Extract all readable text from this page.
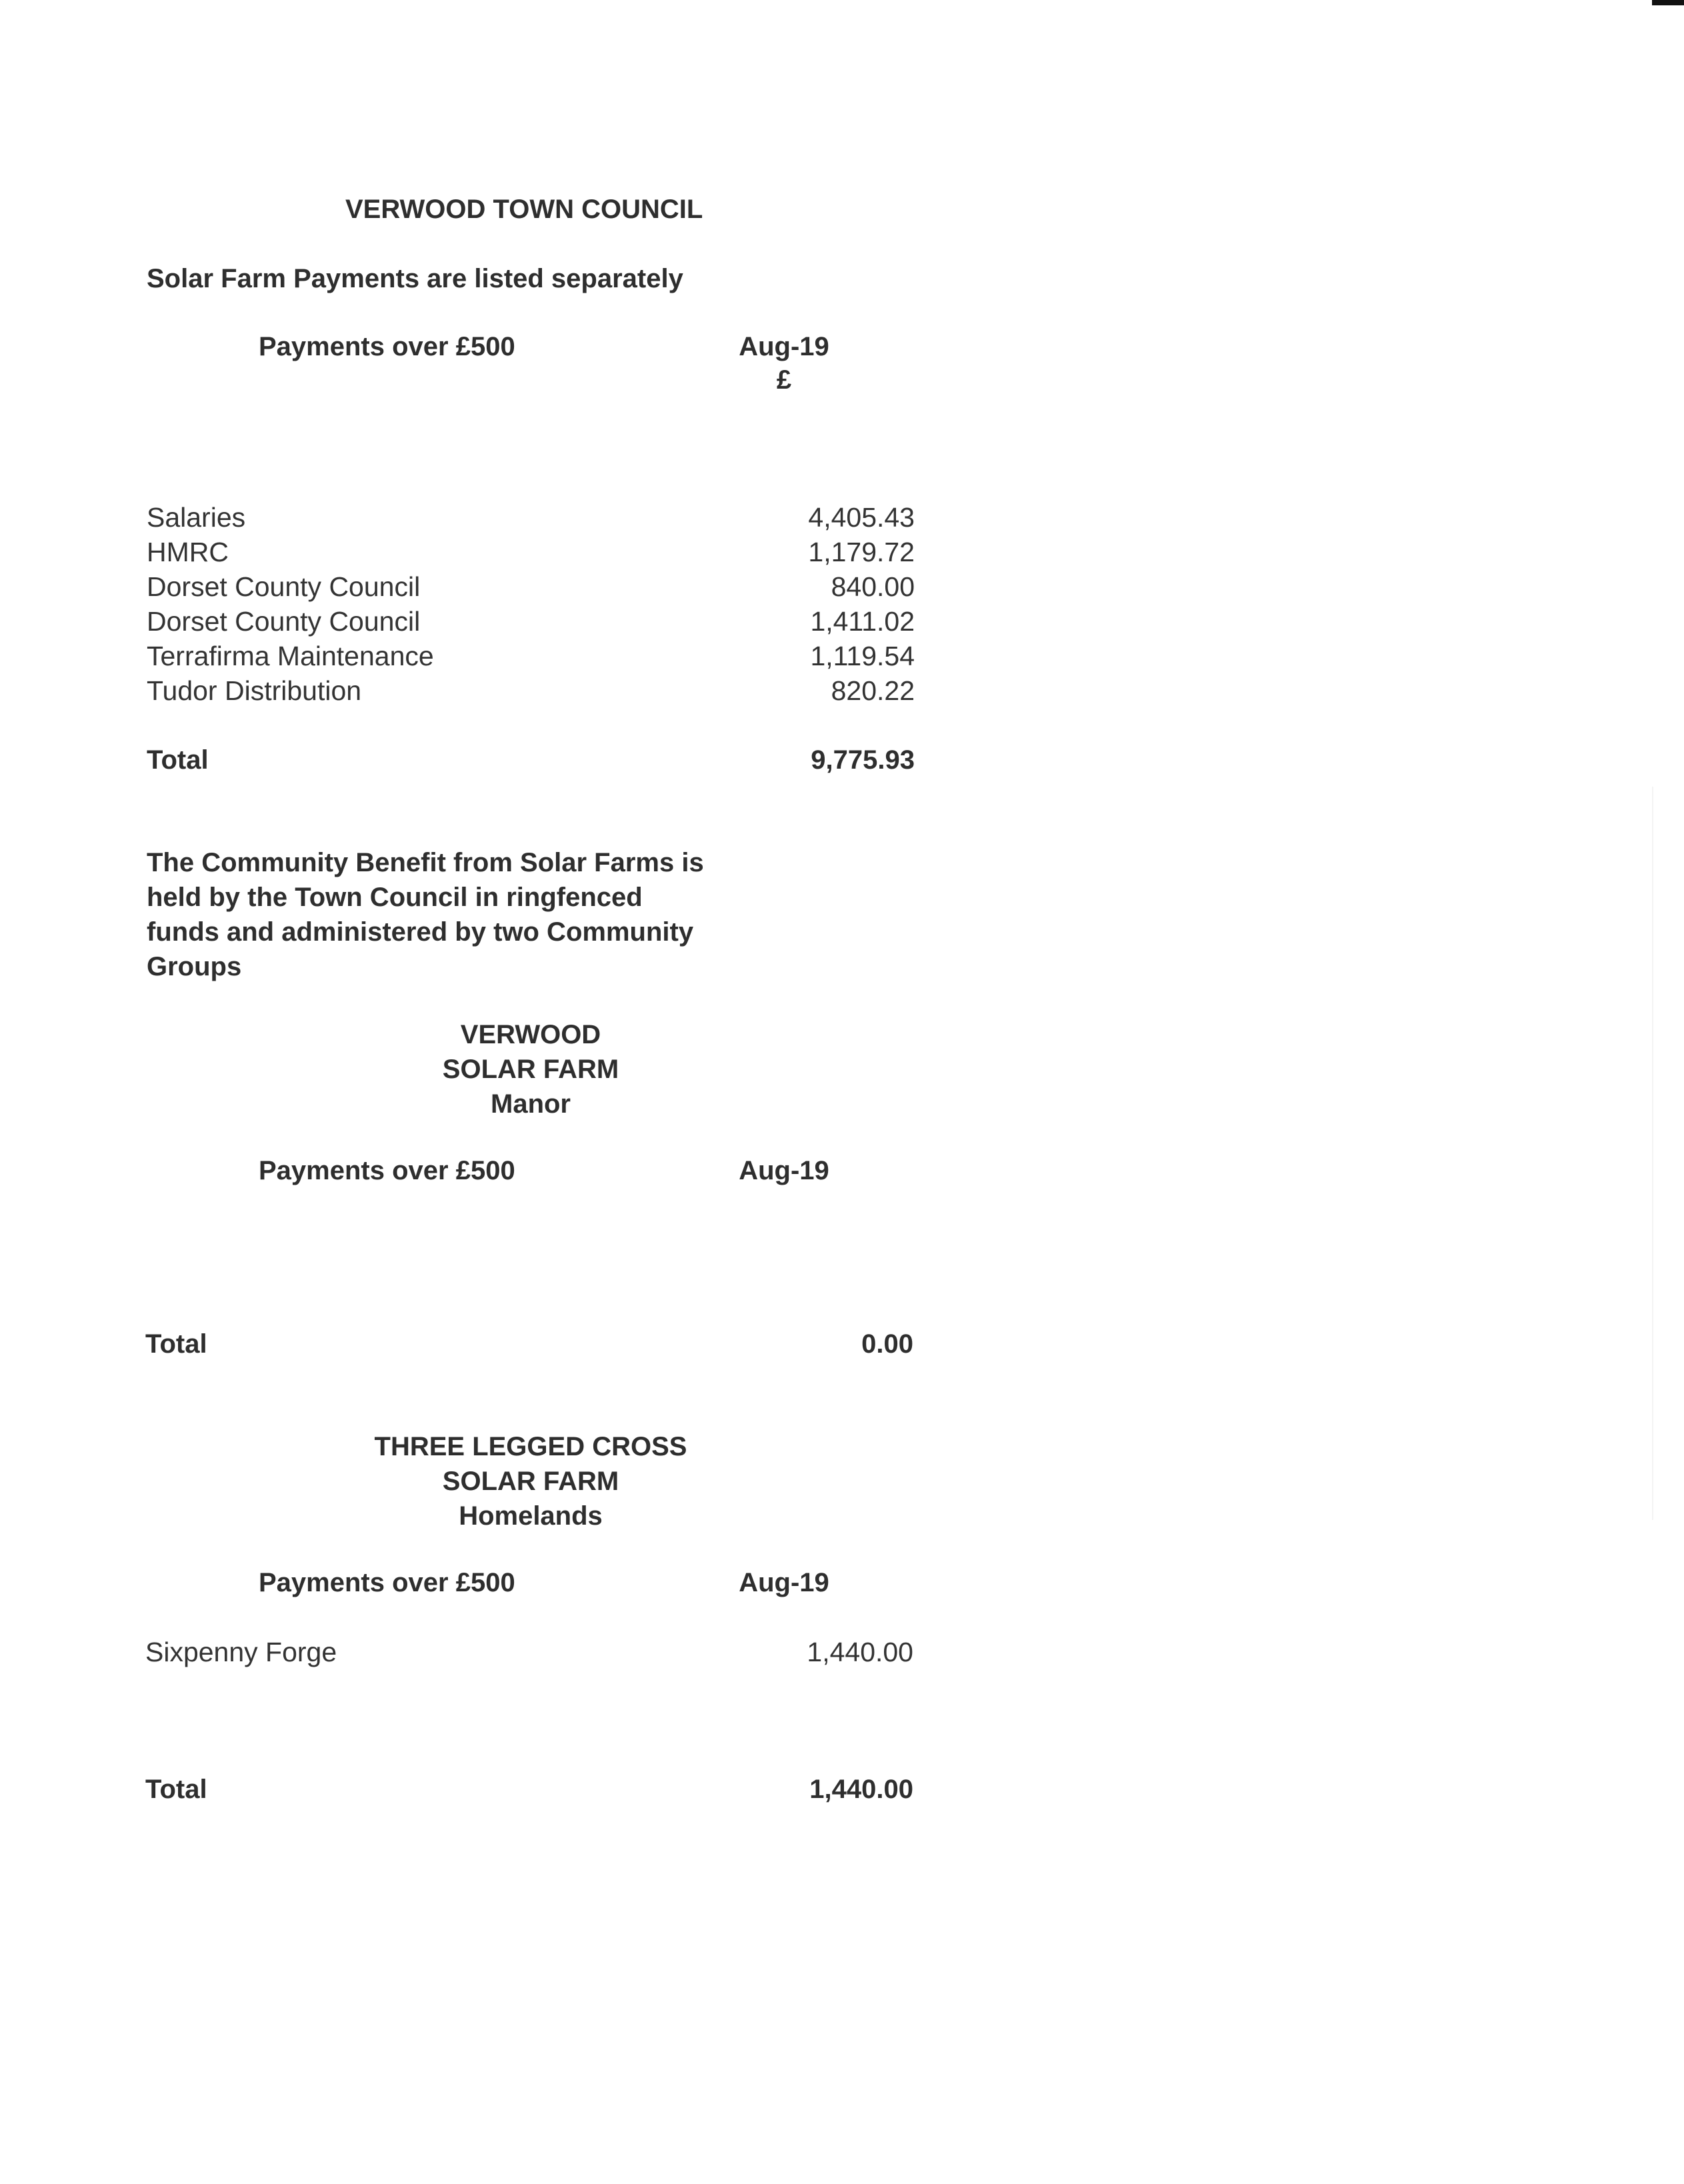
VERWOOD TOWN COUNCIL
Solar Farm Payments are listed separately
Payments over £500	Aug-19
£
Salaries	4,405.43
HMRC	1,179.72
Dorset County Council	840.00
Dorset County Council	1,411.02
Terrafirma Maintenance	1,119.54
Tudor Distribution	820.22
Total	9,775.93
The Community Benefit from Solar Farms is held by the Town Council in ringfenced funds and administered by two Community Groups
VERWOOD
SOLAR FARM
Manor
Payments over £500	Aug-19
Total	0.00
THREE LEGGED CROSS
SOLAR FARM
Homelands
Payments over £500	Aug-19
Sixpenny Forge	1,440.00
Total	1,440.00
